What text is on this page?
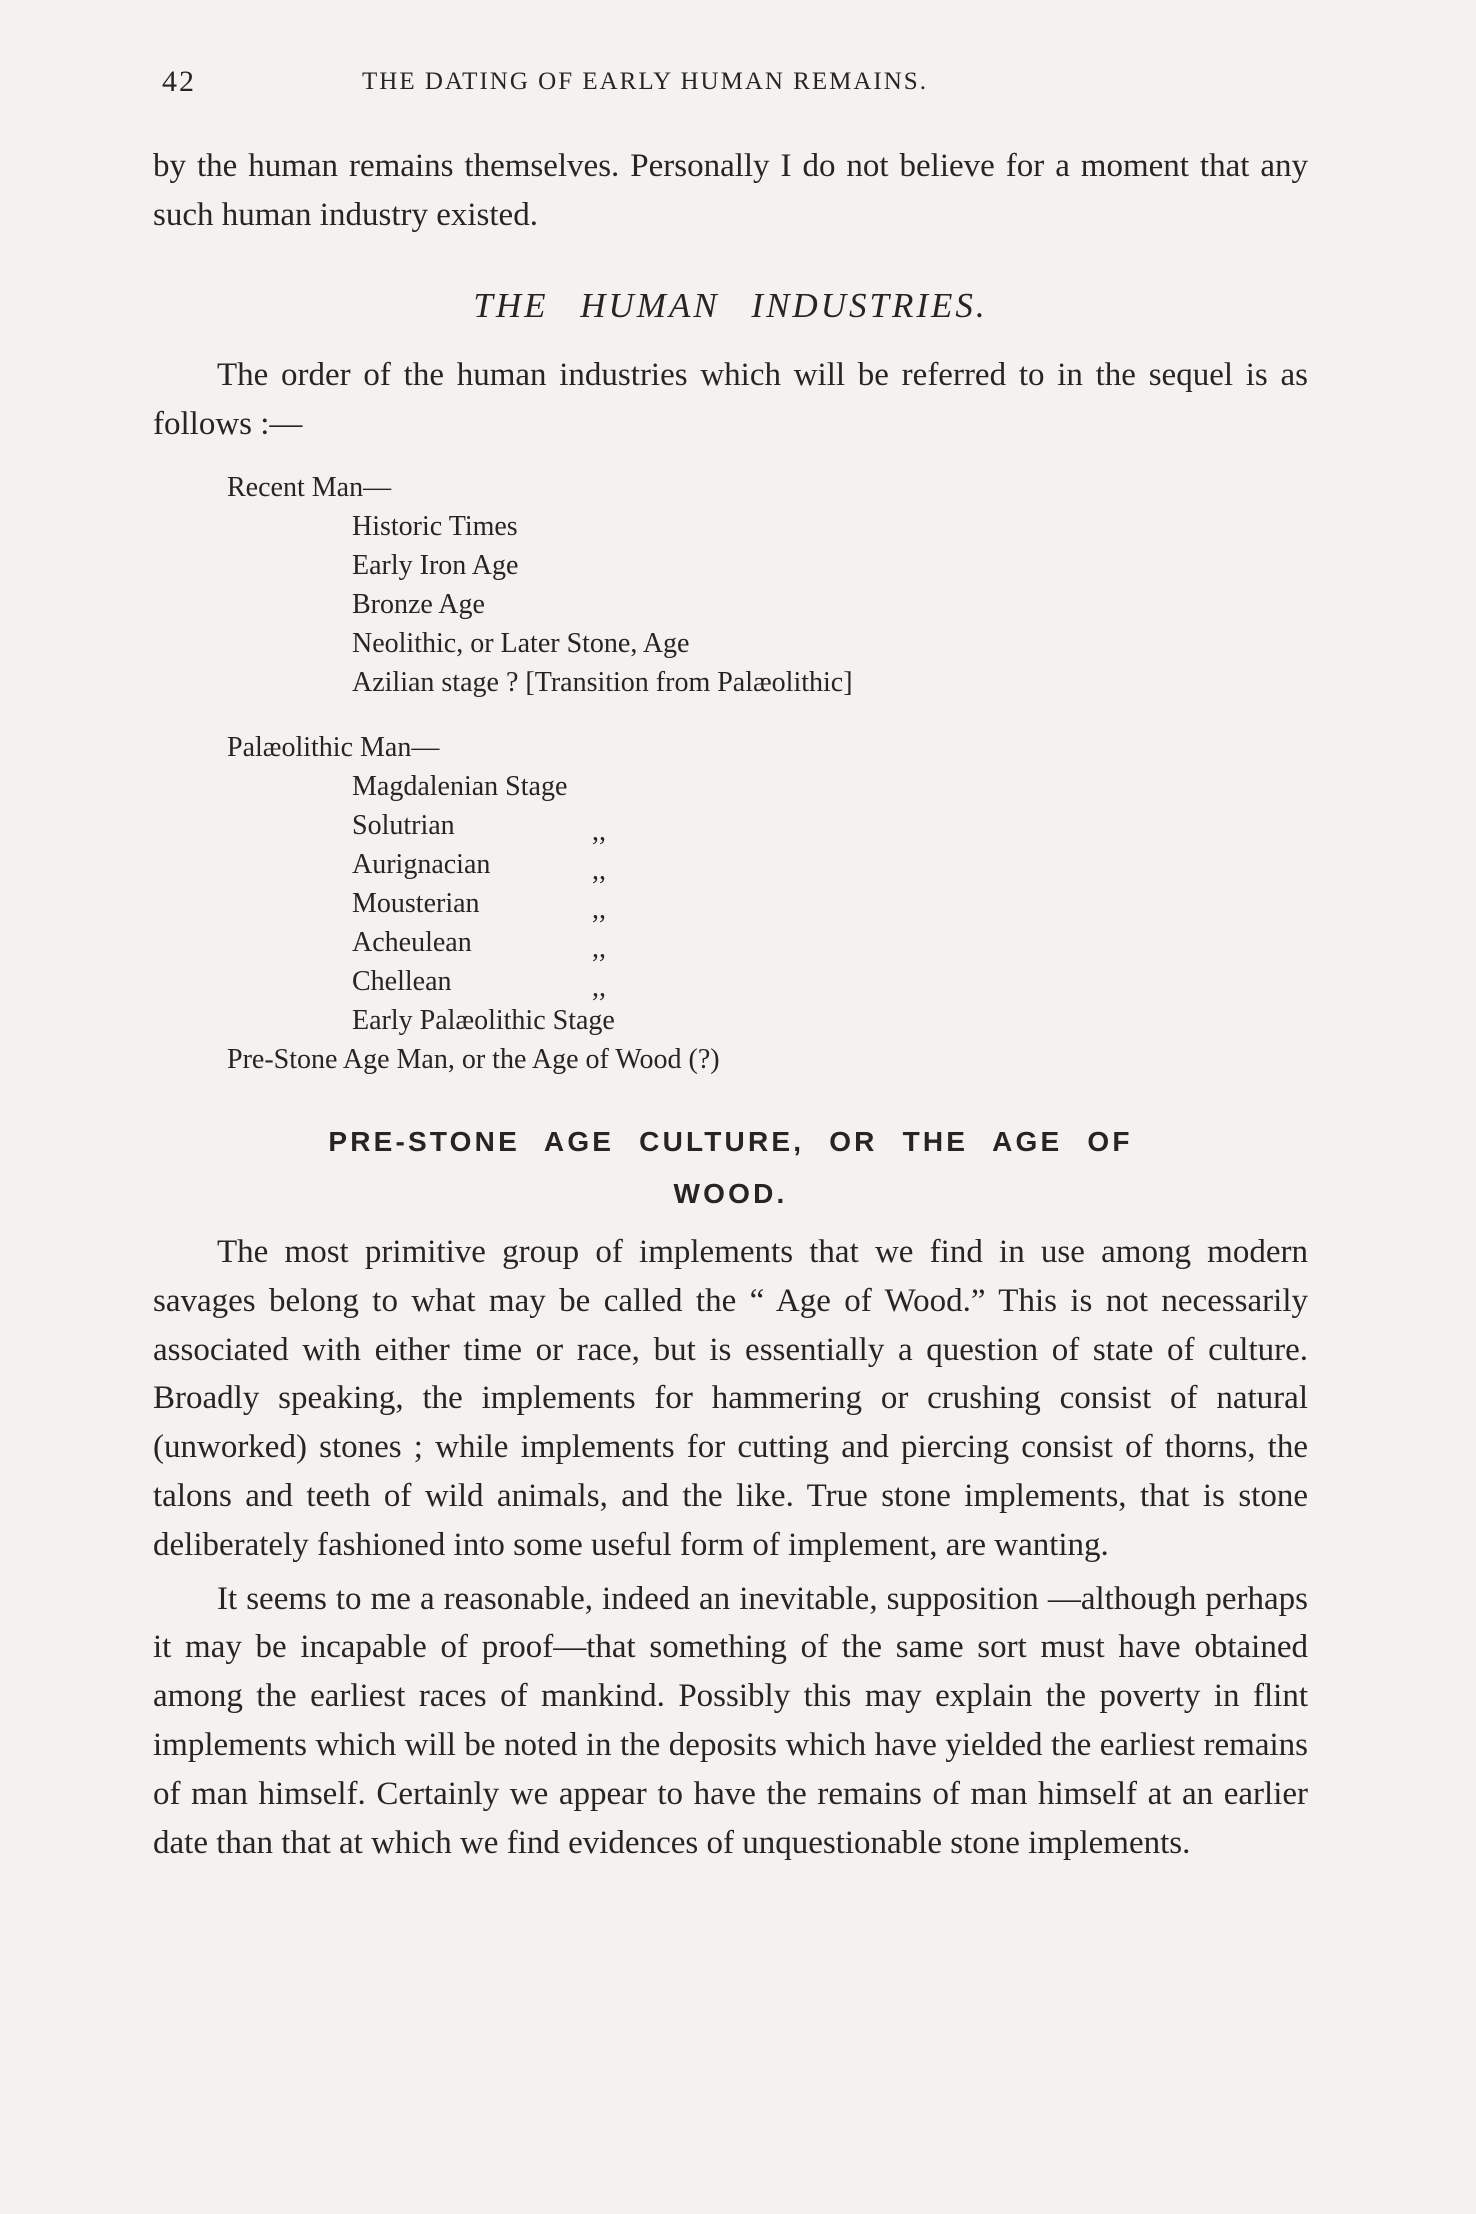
42	THE DATING OF EARLY HUMAN REMAINS.

by the human remains themselves. Personally I do not believe for a moment that any such human industry existed.

THE HUMAN INDUSTRIES.

The order of the human industries which will be referred to in the sequel is as follows :—

Recent Man—
Historic Times
Early Iron Age
Bronze Age
Neolithic, or Later Stone, Age
Azilian stage ? [Transition from Palæolithic]
Palæolithic Man—
Magdalenian Stage
Solutrian
Aurignacian
Mousterian
Acheulean
Chellean
Early Palæolithic Stage
,,
,,
,,
,,
,,
Pre-Stone Age Man, or the Age of Wood (?)
PRE-STONE AGE CULTURE, OR THE AGE OF
WOOD.

The most primitive group of implements that we find in use among modern savages belong to what may be called the “ Age of Wood.” This is not necessarily associated with either time or race, but is essentially a question of state of culture. Broadly speaking, the implements for hammering or crushing consist of natural (unworked) stones ; while implements for cutting and piercing consist of thorns, the talons and teeth of wild animals, and the like. True stone implements, that is stone deliberately fashioned into some useful form of implement, are wanting.

It seems to me a reasonable, indeed an inevitable, supposition —although perhaps it may be incapable of proof—that something of the same sort must have obtained among the earliest races of mankind. Possibly this may explain the poverty in flint implements which will be noted in the deposits which have yielded the earliest remains of man himself. Certainly we appear to have the remains of man himself at an earlier date than that at which we find evidences of unquestionable stone implements.
